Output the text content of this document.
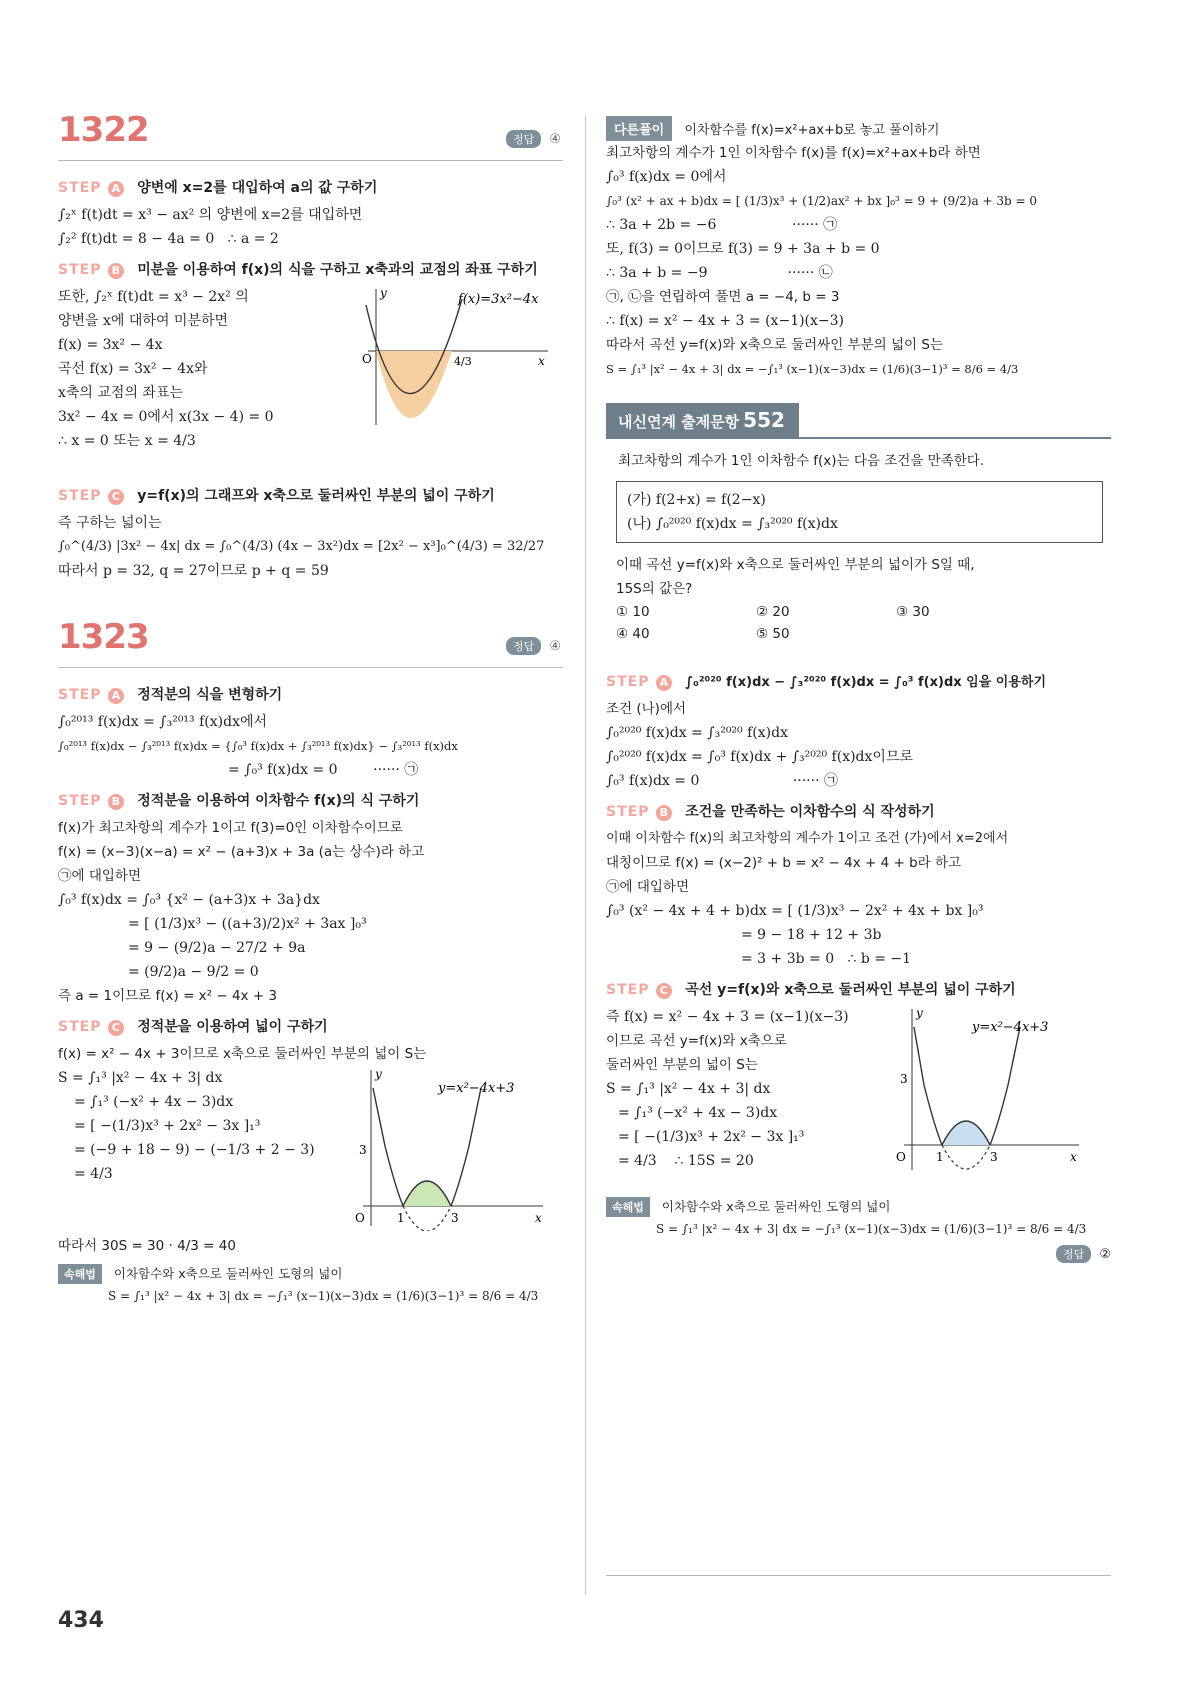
1322	정답 ④
STEP A 양변에 x=2를 대입하여 a의 값 구하기
∫₂ˣ f(t)dt = x³ − ax² 의 양변에 x=2를 대입하면
∫₂² f(t)dt = 8 − 4a = 0   ∴ a = 2
STEP B 미분을 이용하여 f(x)의 식을 구하고 x축과의 교점의 좌표 구하기
또한, ∫₂ˣ f(t)dt = x³ − 2x² 의
양변을 x에 대하여 미분하면
f(x) = 3x² − 4x
곡선 f(x) = 3x² − 4x와
x축의 교점의 좌표는
3x² − 4x = 0에서 x(3x − 4) = 0
∴ x = 0 또는 x = 4/3
y
x
O	4/3
f(x)=3x²−4x
STEP C y=f(x)의 그래프와 x축으로 둘러싸인 부분의 넓이 구하기
즉 구하는 넓이는
∫₀^(4/3) |3x² − 4x| dx = ∫₀^(4/3) (4x − 3x²)dx = [2x² − x³]₀^(4/3) = 32/27
따라서 p = 32, q = 27이므로 p + q = 59
1323	정답 ④
STEP A 정적분의 식을 변형하기
∫₀²⁰¹³ f(x)dx = ∫₃²⁰¹³ f(x)dx에서
∫₀²⁰¹³ f(x)dx − ∫₃²⁰¹³ f(x)dx = {∫₀³ f(x)dx + ∫₃²⁰¹³ f(x)dx} − ∫₃²⁰¹³ f(x)dx
= ∫₀³ f(x)dx = 0        ······ ㉠
STEP B 정적분을 이용하여 이차함수 f(x)의 식 구하기
f(x)가 최고차항의 계수가 1이고 f(3)=0인 이차함수이므로
f(x) = (x−3)(x−a) = x² − (a+3)x + 3a (a는 상수)라 하고
㉠에 대입하면
∫₀³ f(x)dx = ∫₀³ {x² − (a+3)x + 3a}dx
= [ (1/3)x³ − ((a+3)/2)x² + 3ax ]₀³
= 9 − (9/2)a − 27/2 + 9a
= (9/2)a − 9/2 = 0
즉 a = 1이므로 f(x) = x² − 4x + 3
STEP C 정적분을 이용하여 넓이 구하기
f(x) = x² − 4x + 3이므로 x축으로 둘러싸인 부분의 넓이 S는
S = ∫₁³ |x² − 4x + 3| dx
= ∫₁³ (−x² + 4x − 3)dx
= [ −(1/3)x³ + 2x² − 3x ]₁³
= (−9 + 18 − 9) − (−1/3 + 2 − 3)
= 4/3
y
x
O
3
1	3
y=x²−4x+3
따라서 30S = 30 · 4/3 = 40
속해법 이차함수와 x축으로 둘러싸인 도형의 넓이
S = ∫₁³ |x² − 4x + 3| dx = −∫₁³ (x−1)(x−3)dx = (1/6)(3−1)³ = 8/6 = 4/3
다른풀이 이차함수를 f(x)=x²+ax+b로 놓고 풀이하기
최고차항의 계수가 1인 이차함수 f(x)를 f(x)=x²+ax+b라 하면
∫₀³ f(x)dx = 0에서
∫₀³ (x² + ax + b)dx = [ (1/3)x³ + (1/2)ax² + bx ]₀³ = 9 + (9/2)a + 3b = 0
∴ 3a + 2b = −6                 ······ ㉠
또, f(3) = 0이므로 f(3) = 9 + 3a + b = 0
∴ 3a + b = −9                  ······ ㉡
㉠, ㉡을 연립하여 풀면 a = −4, b = 3
∴ f(x) = x² − 4x + 3 = (x−1)(x−3)
따라서 곡선 y=f(x)와 x축으로 둘러싸인 부분의 넓이 S는
S = ∫₁³ |x² − 4x + 3| dx = −∫₁³ (x−1)(x−3)dx = (1/6)(3−1)³ = 8/6 = 4/3
내신연계 출제문항 552
최고차항의 계수가 1인 이차함수 f(x)는 다음 조건을 만족한다.
(가) f(2+x) = f(2−x)
(나) ∫₀²⁰²⁰ f(x)dx = ∫₃²⁰²⁰ f(x)dx
이때 곡선 y=f(x)와 x축으로 둘러싸인 부분의 넓이가 S일 때,
15S의 값은?
① 10	② 20	③ 30
④ 40	⑤ 50
STEP A ∫₀²⁰²⁰ f(x)dx − ∫₃²⁰²⁰ f(x)dx = ∫₀³ f(x)dx 임을 이용하기
조건 (나)에서
∫₀²⁰²⁰ f(x)dx = ∫₃²⁰²⁰ f(x)dx
∫₀²⁰²⁰ f(x)dx = ∫₀³ f(x)dx + ∫₃²⁰²⁰ f(x)dx이므로
∫₀³ f(x)dx = 0                     ······ ㉠
STEP B 조건을 만족하는 이차함수의 식 작성하기
이때 이차함수 f(x)의 최고차항의 계수가 1이고 조건 (가)에서 x=2에서
대칭이므로 f(x) = (x−2)² + b = x² − 4x + 4 + b라 하고
㉠에 대입하면
∫₀³ (x² − 4x + 4 + b)dx = [ (1/3)x³ − 2x² + 4x + bx ]₀³
= 9 − 18 + 12 + 3b
= 3 + 3b = 0   ∴ b = −1
STEP C 곡선 y=f(x)와 x축으로 둘러싸인 부분의 넓이 구하기
즉 f(x) = x² − 4x + 3 = (x−1)(x−3)
이므로 곡선 y=f(x)와 x축으로
둘러싸인 부분의 넓이 S는
S = ∫₁³ |x² − 4x + 3| dx
= ∫₁³ (−x² + 4x − 3)dx
= [ −(1/3)x³ + 2x² − 3x ]₁³
= 4/3    ∴ 15S = 20
y
x
O
3
1	3
y=x²−4x+3
속해법 이차함수와 x축으로 둘러싸인 도형의 넓이
S = ∫₁³ |x² − 4x + 3| dx = −∫₁³ (x−1)(x−3)dx = (1/6)(3−1)³ = 8/6 = 4/3
정답 ②
434
